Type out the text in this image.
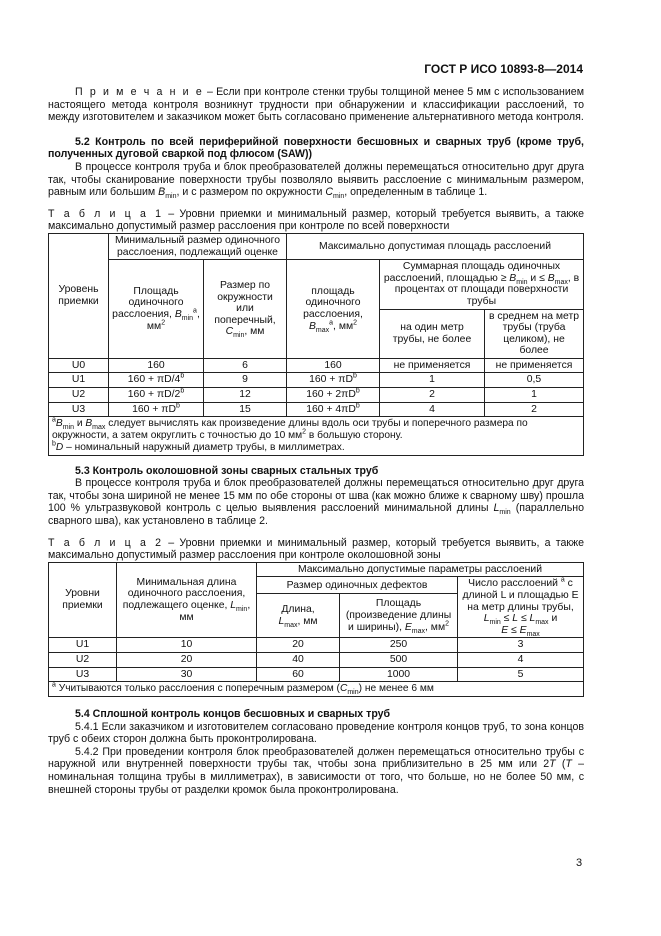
ГОСТ Р ИСО 10893-8—2014

П р и м е ч а н и е – Если при контроле стенки трубы толщиной менее 5 мм с использованием настоящего метода контроля возникнут трудности при обнаружении и классификации расслоений, то между изготовителем и заказчиком может быть согласовано применение альтернативного метода контроля.

5.2 Контроль по всей периферийной поверхности бесшовных и сварных труб (кроме труб, полученных дуговой сваркой под флюсом (SAW))

В процессе контроля труба и блок преобразователей должны перемещаться относительно друг друга так, чтобы сканирование поверхности трубы позволяло выявить расслоение с минимальным размером, равным или большим $B_{min}$, и с размером по окружности $C_{min}$, определенным в таблице 1.

Т а б л и ц а 1 – Уровни приемки и минимальный размер, который требуется выявить, а также максимально допустимый размер расслоения при контроле по всей поверхности

Уровень приемки	Минимальный размер одиночного расслоения, подлежащий оценке		Максимально допустимая площадь расслоений		
	Площадь одиночного расслоения, $B_{min}^a$, $мм^2$	Размер по окружности или поперечный, $C_{min}$, мм	площадь одиночного расслоения, $B_{max}^a$, $мм^2$	Суммарная площадь одиночных расслоений, площадью ≥ $B_{min}$ $и \le B_{max}$, в процентах от площади поверхности трубы	
				на один метр трубы, не более	в среднем на метр трубы (труба целиком), не более
U0	160	6	160	не применяется	не применяется
U1	$160 + \pi D/4^b$	9	$160 + \pi D^b$	1	0,5
U2	$160 + \pi D/2^b$	12	$160 + 2\pi D^b$	2	1
U3	$160 + \pi D^b$	15	$160 + 4\pi D^b$	4	2
$^aB_{min}$ и $B_{max}$ следует вычислять как произведение длины вдоль оси трубы и поперечного размера по окружности, а затем округлить с точностью до 10 $мм^2$ в большую сторону.
$^b$D – номинальный наружный диаметр трубы, в миллиметрах.					

5.3 Контроль околошовной зоны сварных стальных труб

В процессе контроля труба и блок преобразователей должны перемещаться относительно друг друга так, чтобы зона шириной не менее 15 мм по обе стороны от шва (как можно ближе к сварному шву) прошла 100 % ультразвуковой контроль с целью выявления расслоений минимальной длины $L_{min}$ (параллельно сварного шва), как установлено в таблице 2.

Т а б л и ц а 2 – Уровни приемки и минимальный размер, который требуется выявить, а также максимально допустимый размер расслоения при контроле околошовной зоны

Уровни приемки	Минимальная длина одиночного расслоения, подлежащего оценке, $L_{min}$, мм	Максимально допустимые параметры расслоений		
		Размер одиночных дефектов		Число расслоений $^a$ с длиной L и площадью E на метр длины трубы,
$L_{min} \le L \le L_{max}$ и
$E \le E_{max}$
		Длина,
$L_{max}$, мм	Площадь (произведение длины и ширины), $E_{max}$, $мм^2$
U1	10	20	250	3
U2	20	40	500	4
U3	30	60	1000	5
$^a$ Учитываются только расслоения с поперечным размером $(C_{min})$ не менее 6 мм				

5.4 Сплошной контроль концов бесшовных и сварных труб

5.4.1 Если заказчиком и изготовителем согласовано проведение контроля концов труб, то зона концов труб с обеих сторон должна быть проконтролирована.

5.4.2 При проведении контроля блок преобразователей должен перемещаться относительно трубы с наружной или внутренней поверхности трубы так, чтобы зона приблизительно в 25 мм или 2T (T – номинальная толщина трубы в миллиметрах), в зависимости от того, что больше, но не более 50 мм, с внешней стороны трубы от разделки кромок была проконтролирована.

3
